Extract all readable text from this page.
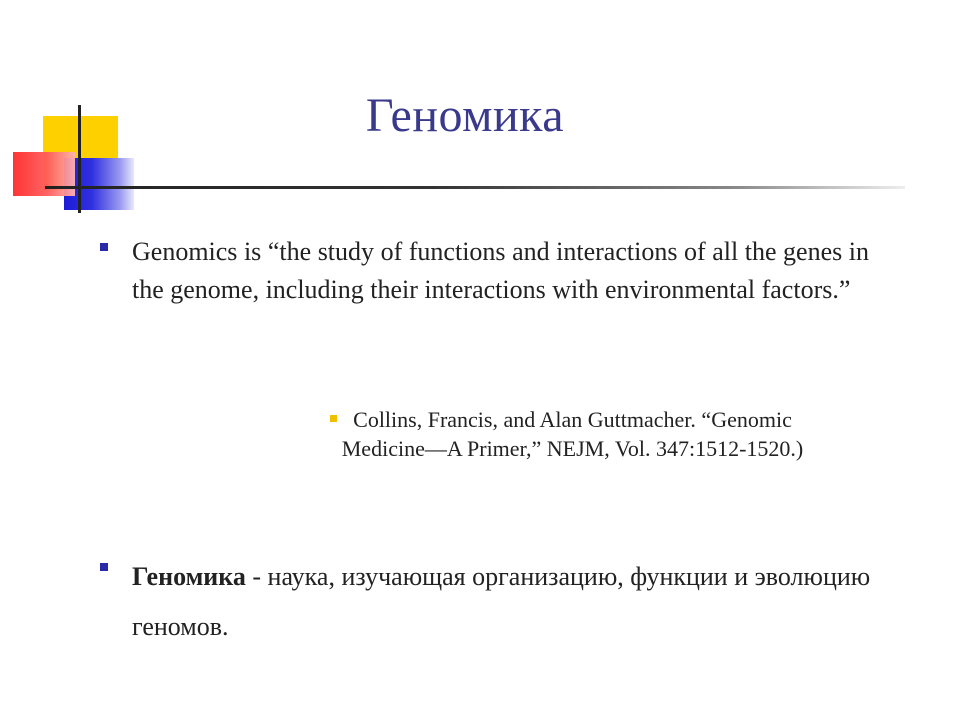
Геномика
Genomics is “the study of functions and interactions of all the genes in the genome, including their interactions with environmental factors.”
Collins, Francis, and Alan Guttmacher. “Genomic Medicine—A Primer,” NEJM, Vol. 347:1512-1520.)
Геномика - наука, изучающая организацию, функции и эволюцию геномов.
